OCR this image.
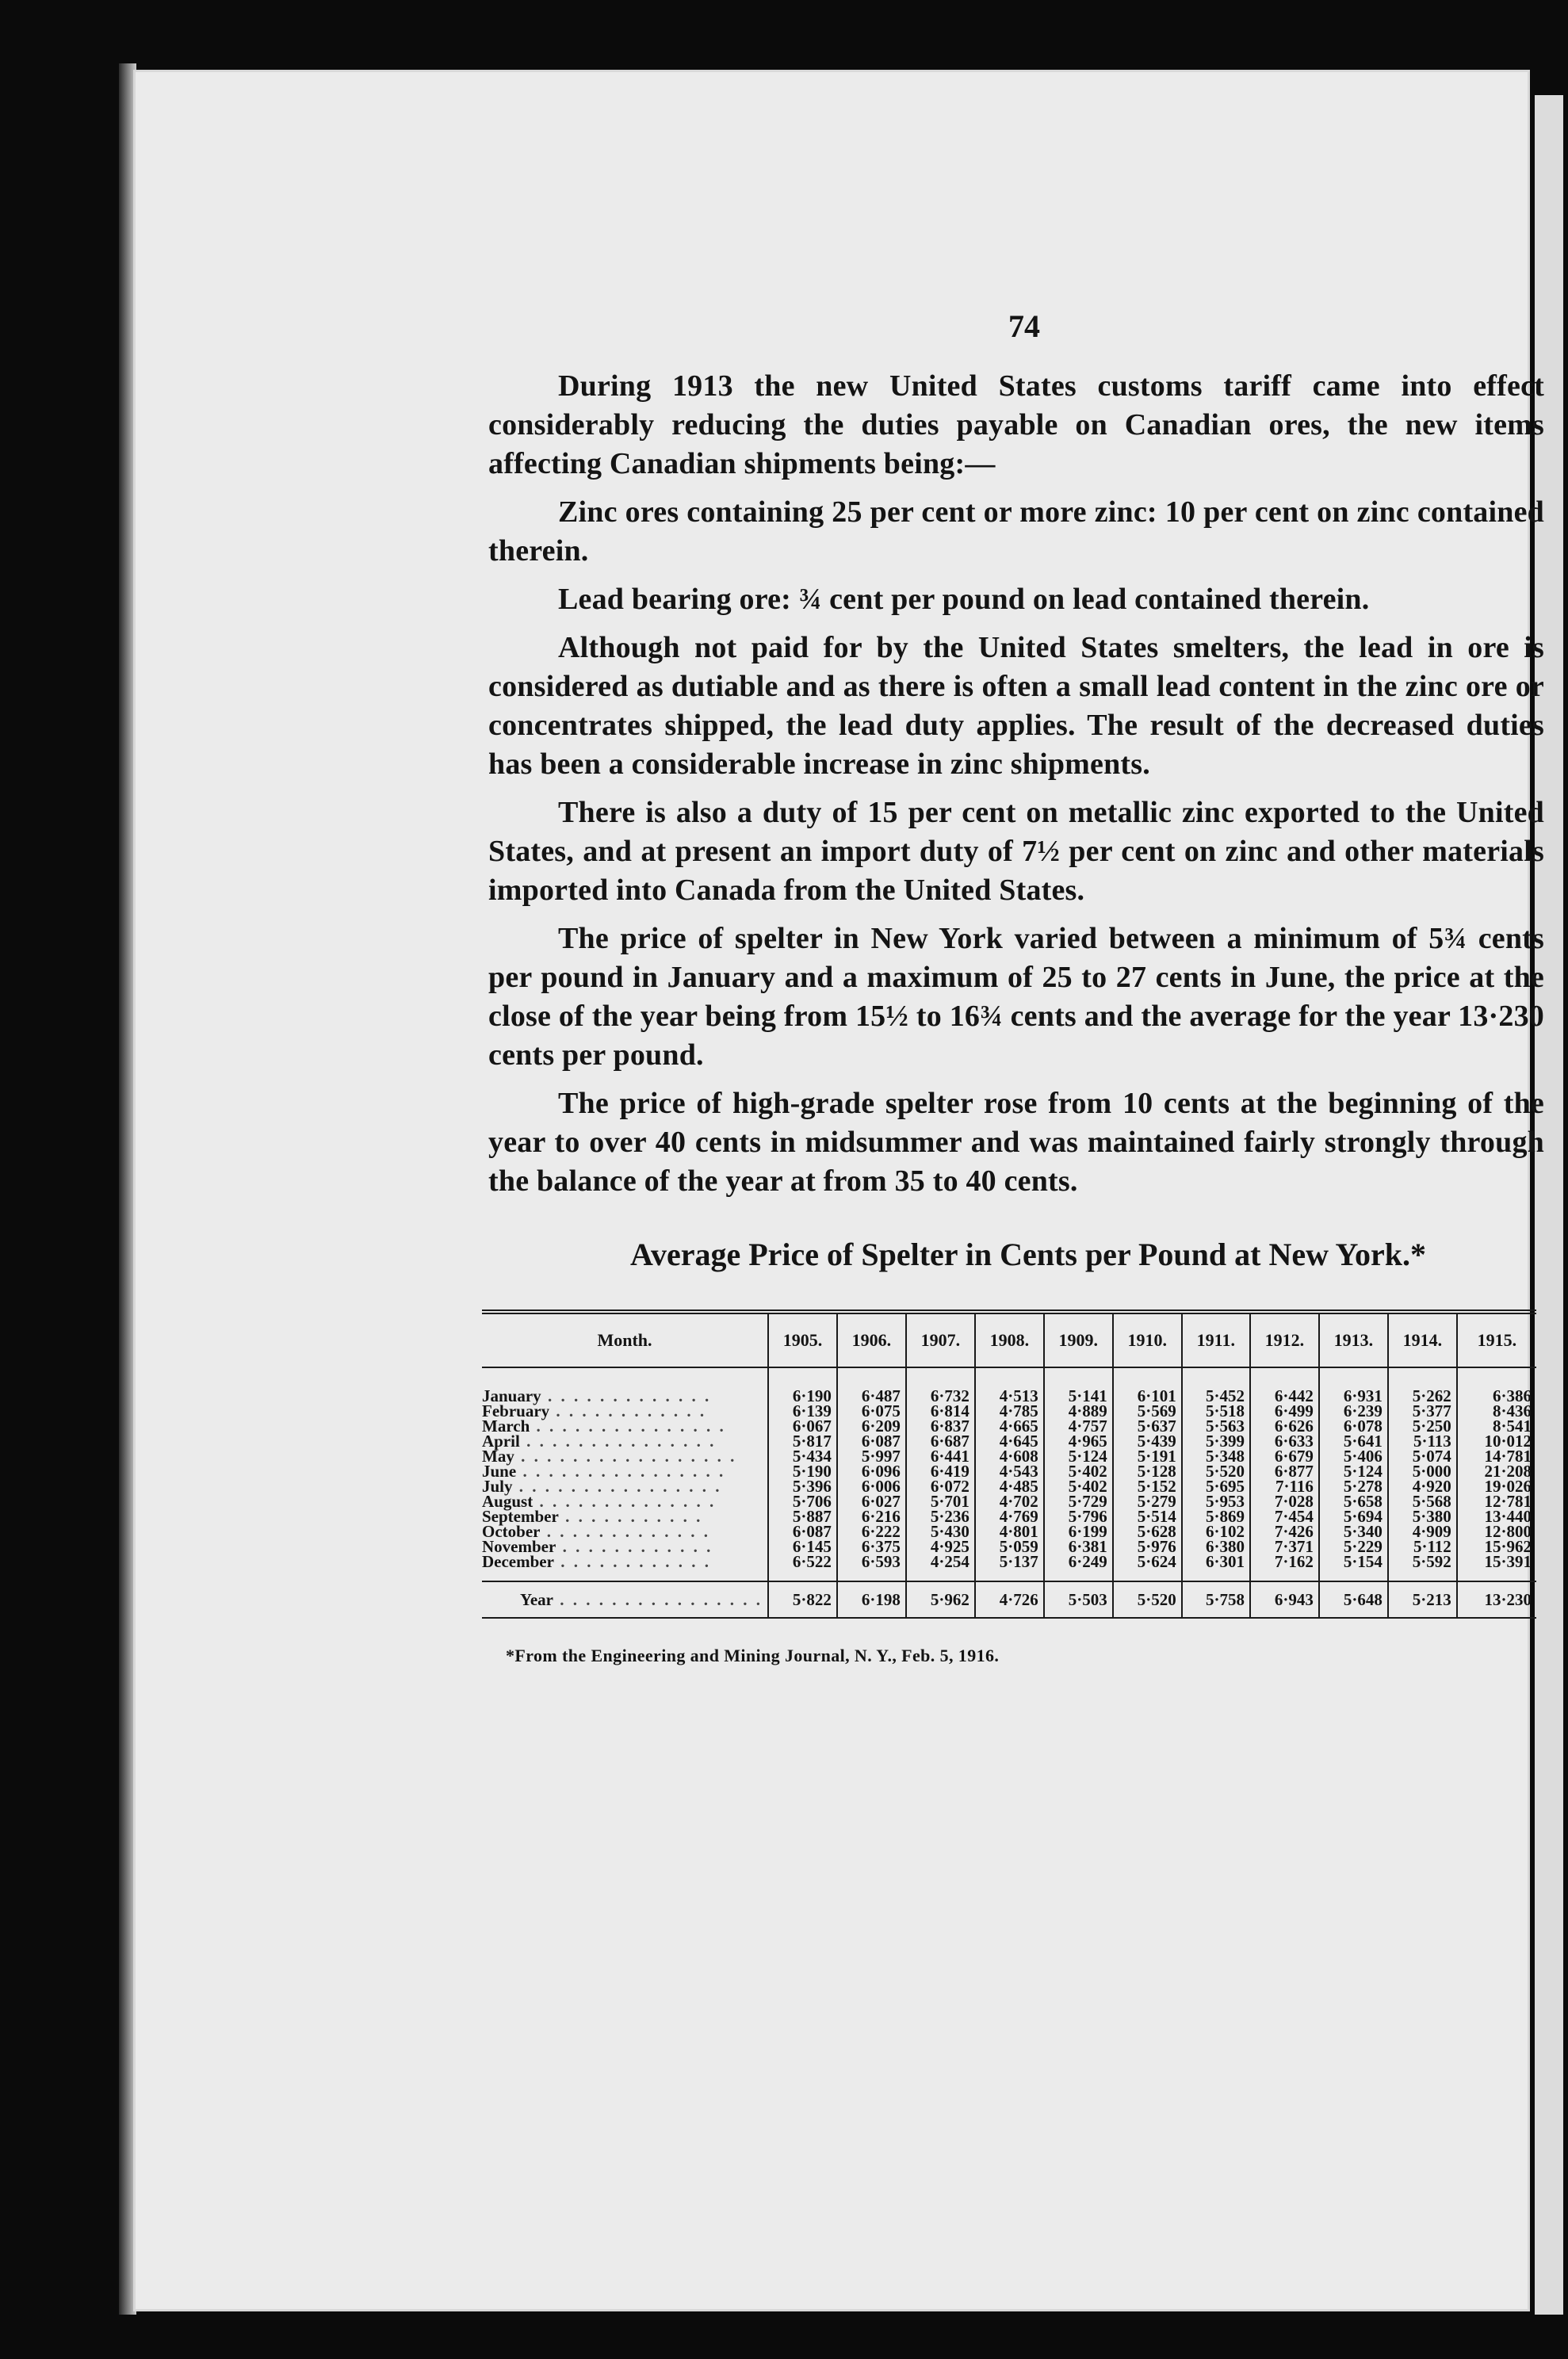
74

During 1913 the new United States customs tariff came into effect considerably reducing the duties payable on Canadian ores, the new items affecting Canadian shipments being:—

Zinc ores containing 25 per cent or more zinc: 10 per cent on zinc contained therein.

Lead bearing ore: ¾ cent per pound on lead contained therein.

Although not paid for by the United States smelters, the lead in ore is considered as dutiable and as there is often a small lead content in the zinc ore or concentrates shipped, the lead duty applies. The result of the decreased duties has been a considerable increase in zinc shipments.

There is also a duty of 15 per cent on metallic zinc exported to the United States, and at present an import duty of 7½ per cent on zinc and other materials imported into Canada from the United States.

The price of spelter in New York varied between a minimum of 5¾ cents per pound in January and a maximum of 25 to 27 cents in June, the price at the close of the year being from 15½ to 16¾ cents and the average for the year 13·230 cents per pound.

The price of high-grade spelter rose from 10 cents at the beginning of the year to over 40 cents in midsummer and was maintained fairly strongly through the balance of the year at from 35 to 40 cents.

Average Price of Spelter in Cents per Pound at New York.*
Month.	1905.	1906.	1907.	1908.	1909.	1910.	1911.	1912.	1913.	1914.	1915.
January . . . . . . . . . . . . .	6·190	6·487	6·732	4·513	5·141	6·101	5·452	6·442	6·931	5·262	6·386
February . . . . . . . . . . . .	6·139	6·075	6·814	4·785	4·889	5·569	5·518	6·499	6·239	5·377	8·436
March . . . . . . . . . . . . . . .	6·067	6·209	6·837	4·665	4·757	5·637	5·563	6·626	6·078	5·250	8·541
April . . . . . . . . . . . . . . .	5·817	6·087	6·687	4·645	4·965	5·439	5·399	6·633	5·641	5·113	10·012
May . . . . . . . . . . . . . . . . .	5·434	5·997	6·441	4·608	5·124	5·191	5·348	6·679	5·406	5·074	14·781
June . . . . . . . . . . . . . . . .	5·190	6·096	6·419	4·543	5·402	5·128	5·520	6·877	5·124	5·000	21·208
July . . . . . . . . . . . . . . . .	5·396	6·006	6·072	4·485	5·402	5·152	5·695	7·116	5·278	4·920	19·026
August . . . . . . . . . . . . . .	5·706	6·027	5·701	4·702	5·729	5·279	5·953	7·028	5·658	5·568	12·781
September . . . . . . . . . . .	5·887	6·216	5·236	4·769	5·796	5·514	5·869	7·454	5·694	5·380	13·440
October . . . . . . . . . . . . .	6·087	6·222	5·430	4·801	6·199	5·628	6·102	7·426	5·340	4·909	12·800
November . . . . . . . . . . . .	6·145	6·375	4·925	5·059	6·381	5·976	6·380	7·371	5·229	5·112	15·962
December . . . . . . . . . . . .	6·522	6·593	4·254	5·137	6·249	5·624	6·301	7·162	5·154	5·592	15·391
Year . . . . . . . . . . . . . . . .	5·822	6·198	5·962	4·726	5·503	5·520	5·758	6·943	5·648	5·213	13·230
*From the Engineering and Mining Journal, N. Y., Feb. 5, 1916.
